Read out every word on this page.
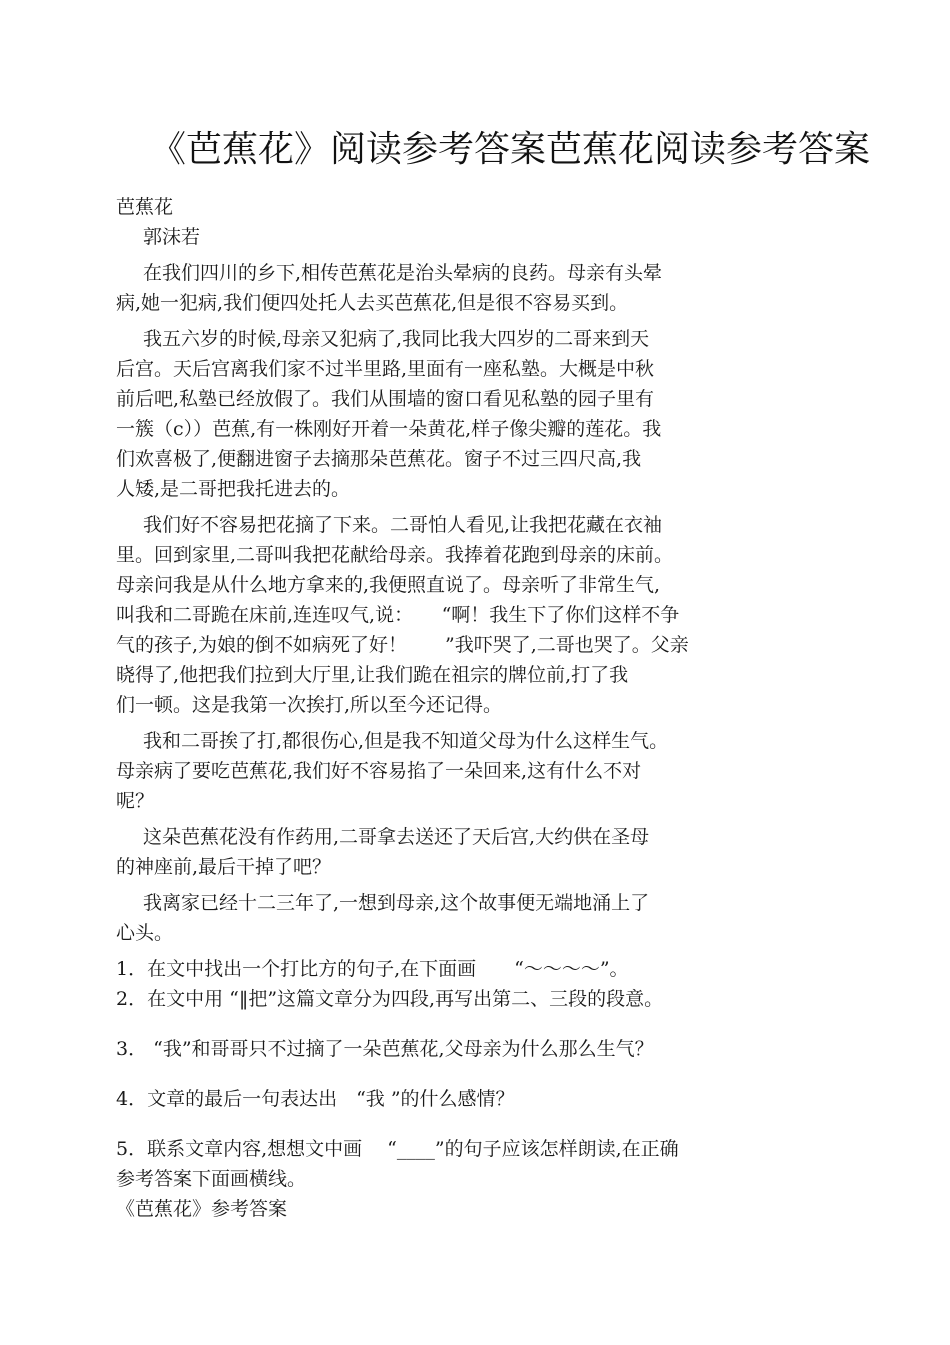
《芭蕉花》阅读参考答案芭蕉花阅读参考答案
芭蕉花
郭沫若
在我们四川的乡下,相传芭蕉花是治头晕病的良药。母亲有头晕
病,她一犯病,我们便四处托人去买芭蕉花,但是很不容易买到。
我五六岁的时候,母亲又犯病了,我同比我大四岁的二哥来到天
后宫。天后宫离我们家不过半里路,里面有一座私塾。大概是中秋
前后吧,私塾已经放假了。我们从围墙的窗口看见私塾的园子里有
一簇（c））芭蕉,有一株刚好开着一朵黄花,样子像尖瓣的莲花。我
们欢喜极了,便翻进窗子去摘那朵芭蕉花。窗子不过三四尺高,我
人矮,是二哥把我托进去的。
我们好不容易把花摘了下来。二哥怕人看见,让我把花藏在衣袖
里。回到家里,二哥叫我把花献给母亲。我捧着花跑到母亲的床前。
母亲问我是从什么地方拿来的,我便照直说了。母亲听了非常生气,
叫我和二哥跪在床前,连连叹气,说：　　“啊！我生下了你们这样不争
气的孩子,为娘的倒不如病死了好！　　”我吓哭了,二哥也哭了。父亲
晓得了,他把我们拉到大厅里,让我们跪在祖宗的牌位前,打了我
们一顿。这是我第一次挨打,所以至今还记得。
我和二哥挨了打,都很伤心,但是我不知道父母为什么这样生气。
母亲病了要吃芭蕉花,我们好不容易掐了一朵回来,这有什么不对
呢？
这朵芭蕉花没有作药用,二哥拿去送还了天后宫,大约供在圣母
的神座前,最后干掉了吧？
我离家已经十二三年了,一想到母亲,这个故事便无端地涌上了
心头。
1．在文中找出一个打比方的句子,在下面画　　“～～～～”。
2．在文中用 “‖把”这篇文章分为四段,再写出第二、三段的段意。
3． “我”和哥哥只不过摘了一朵芭蕉花,父母亲为什么那么生气？
4．文章的最后一句表达出　“我 ”的什么感情？
5．联系文章内容,想想文中画　 “____”的句子应该怎样朗读,在正确
参考答案下面画横线。
《芭蕉花》参考答案
